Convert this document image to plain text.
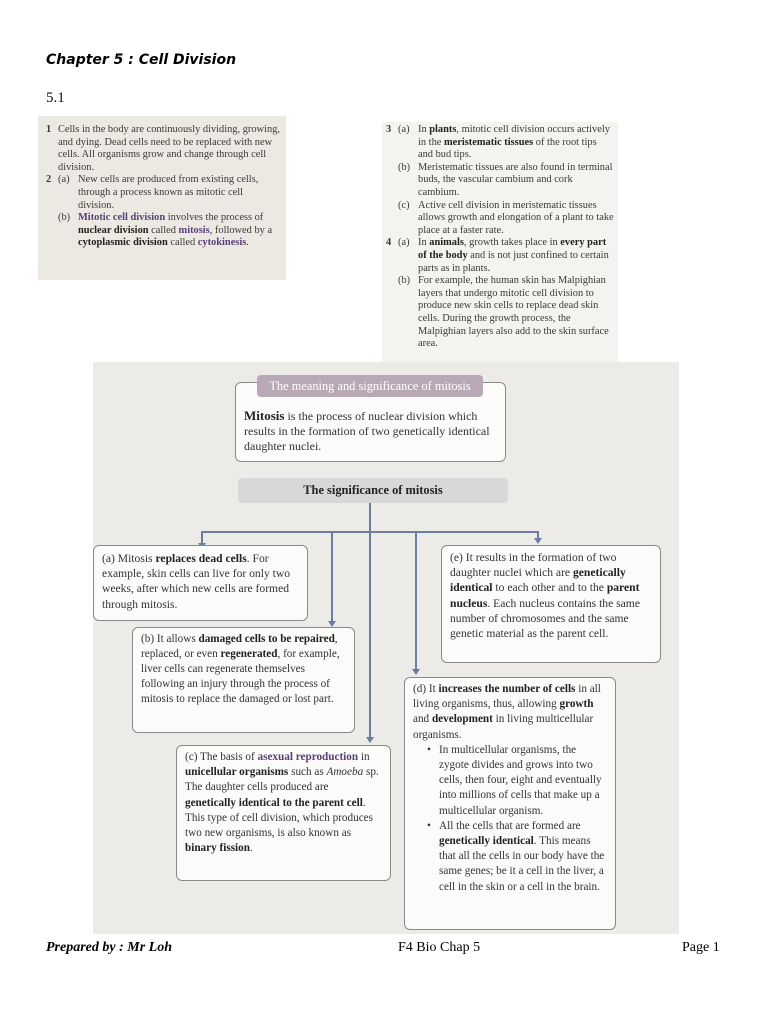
Chapter 5 : Cell Division
5.1
1 Cells in the body are continuously dividing, growing, and dying. Dead cells need to be replaced with new cells. All organisms grow and change through cell division.
2 (a) New cells are produced from existing cells, through a process known as mitotic cell division.
(b) Mitotic cell division involves the process of nuclear division called mitosis, followed by a cytoplasmic division called cytokinesis.
3 (a) In plants, mitotic cell division occurs actively in the meristematic tissues of the root tips and bud tips.
(b) Meristematic tissues are also found in terminal buds, the vascular cambium and cork cambium.
(c) Active cell division in meristematic tissues allows growth and elongation of a plant to take place at a faster rate.
4 (a) In animals, growth takes place in every part of the body and is not just confined to certain parts as in plants.
(b) For example, the human skin has Malpighian layers that undergo mitotic cell division to produce new skin cells to replace dead skin cells. During the growth process, the Malpighian layers also add to the skin surface area.
Mitosis is the process of nuclear division which results in the formation of two genetically identical daughter nuclei.
The meaning and significance of mitosis
The significance of mitosis
(a) Mitosis replaces dead cells. For example, skin cells can live for only two weeks, after which new cells are formed through mitosis.
(e) It results in the formation of two daughter nuclei which are genetically identical to each other and to the parent nucleus. Each nucleus contains the same number of chromosomes and the same genetic material as the parent cell.
(b) It allows damaged cells to be repaired, replaced, or even regenerated, for example, liver cells can regenerate themselves following an injury through the process of mitosis to replace the damaged or lost part.
(c) The basis of asexual reproduction in unicellular organisms such as Amoeba sp. The daughter cells produced are genetically identical to the parent cell. This type of cell division, which produces two new organisms, is also known as binary fission.
(d) It increases the number of cells in all living organisms, thus, allowing growth and development in living multicellular organisms.
• In multicellular organisms, the zygote divides and grows into two cells, then four, eight and eventually into millions of cells that make up a multicellular organism.
• All the cells that are formed are genetically identical. This means that all the cells in our body have the same genes; be it a cell in the liver, a cell in the skin or a cell in the brain.
Prepared by : Mr Loh	F4 Bio Chap 5	Page 1
